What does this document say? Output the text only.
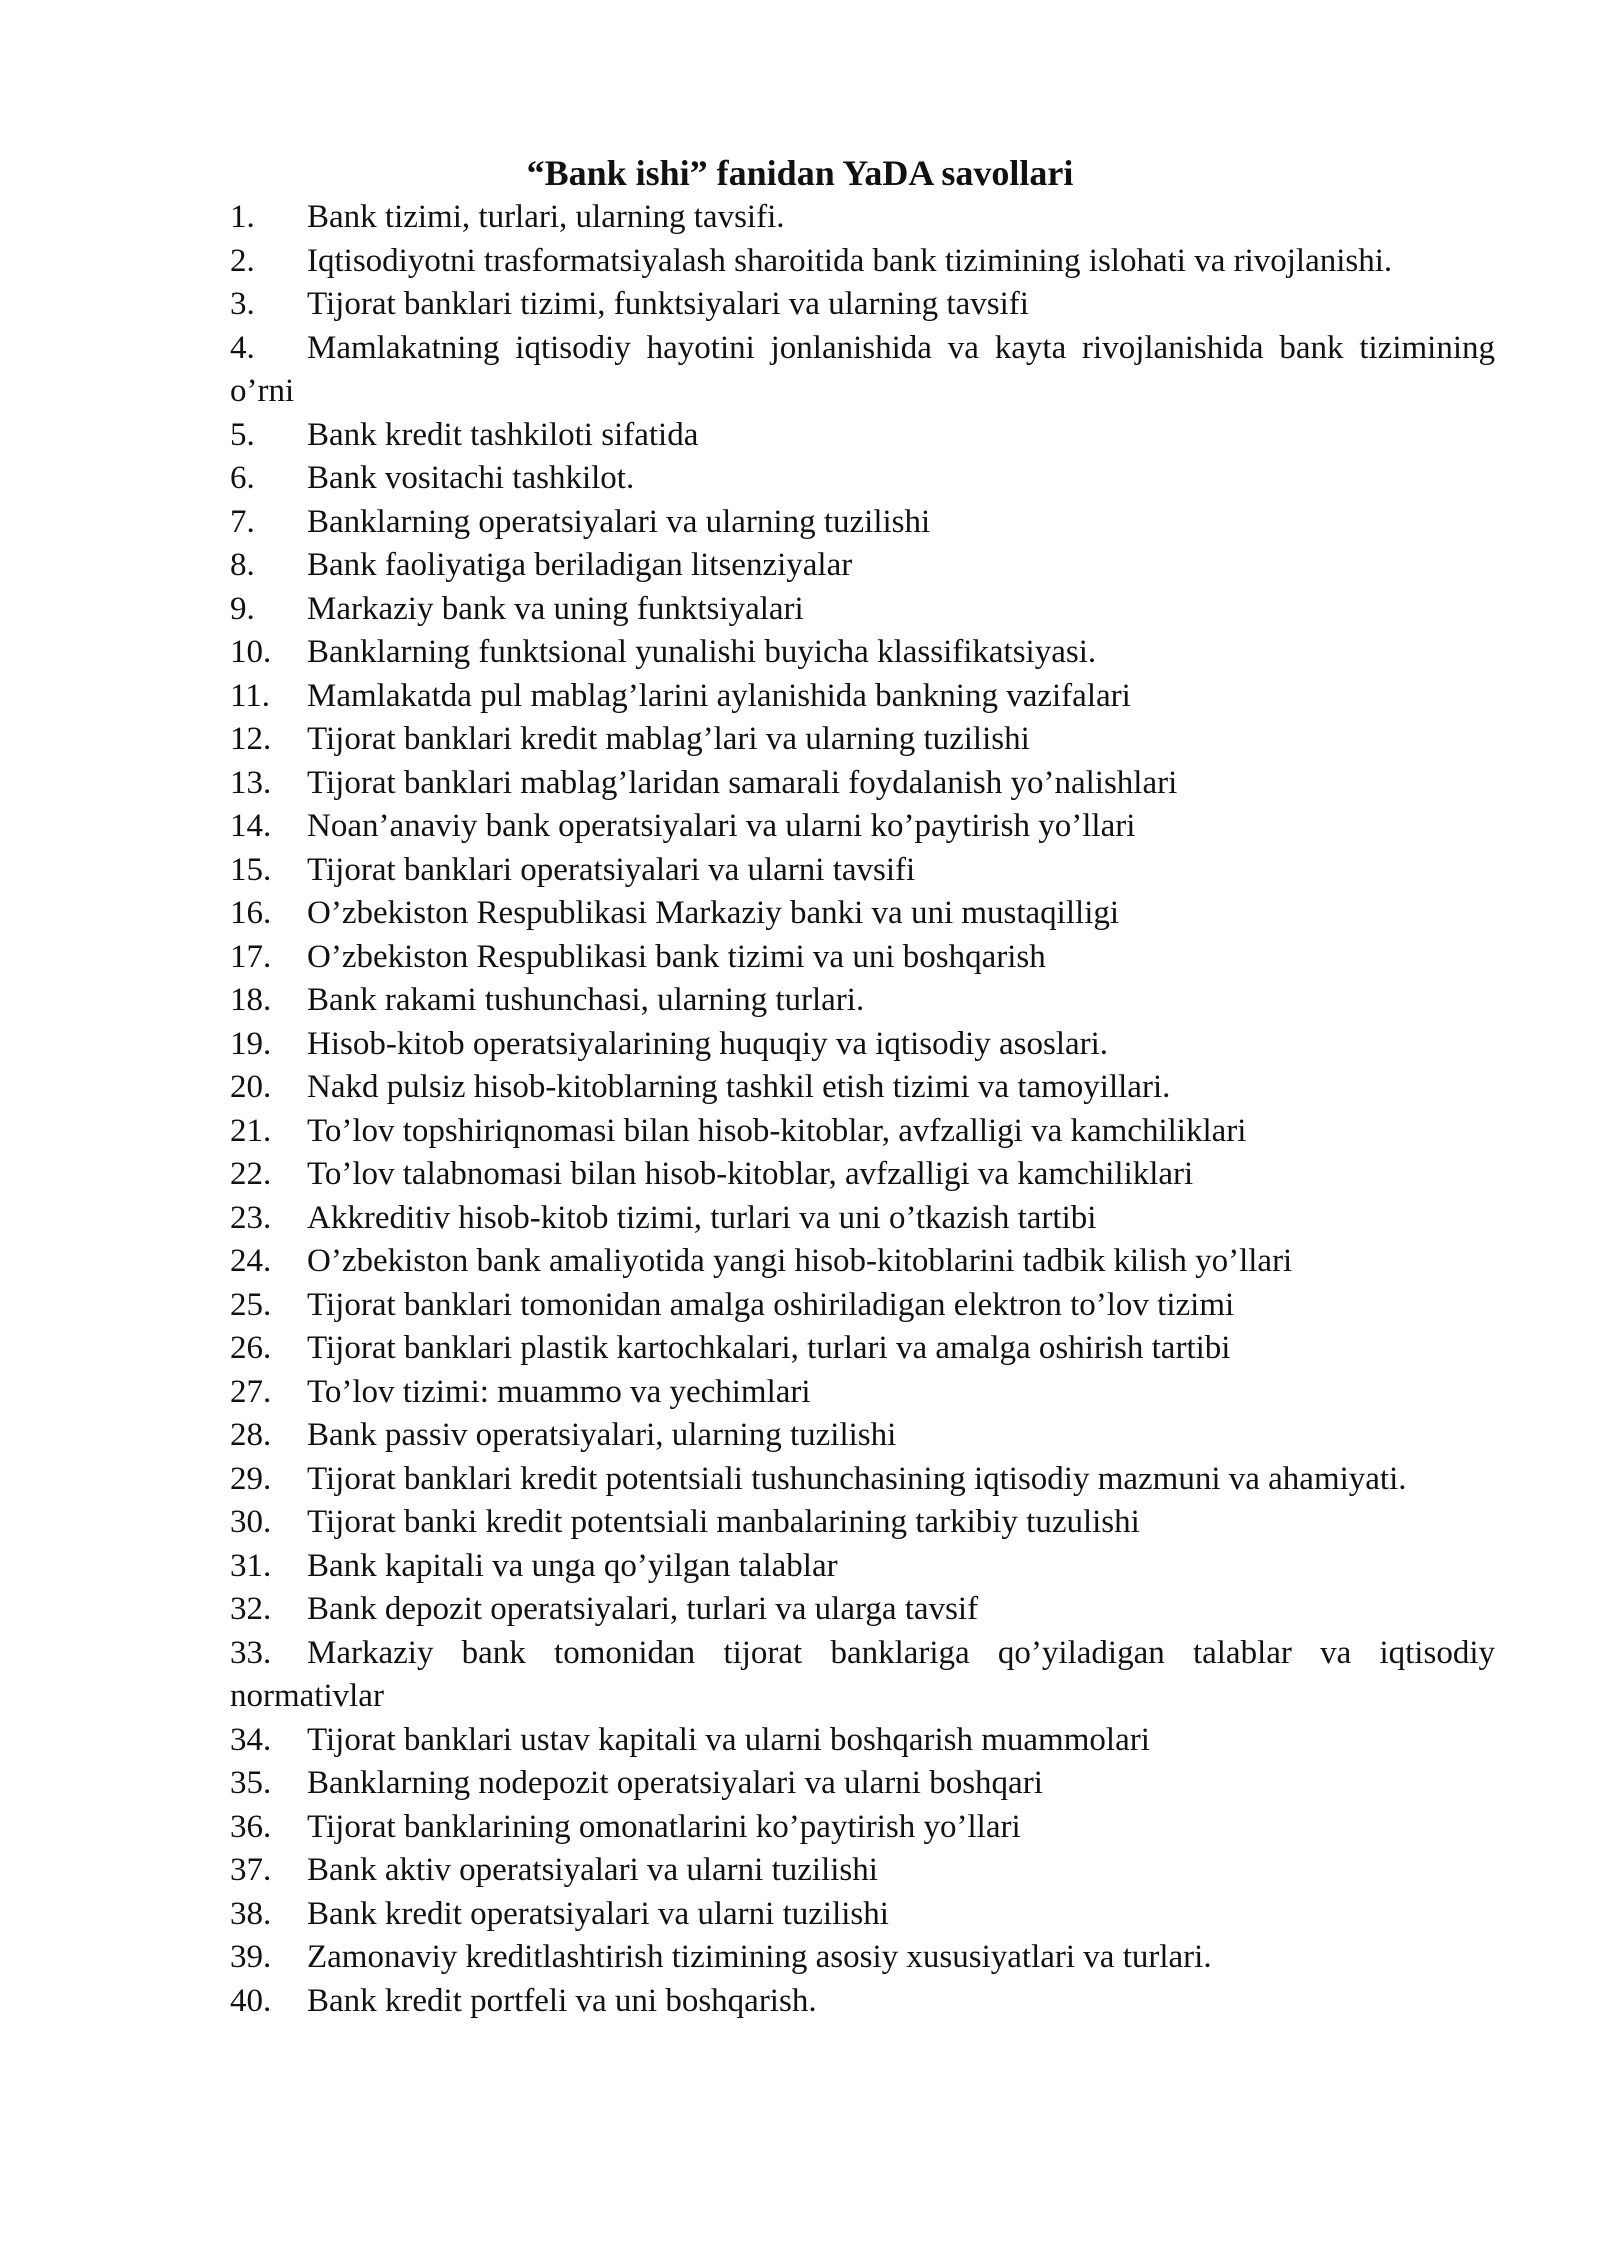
“Bank ishi” fanidan YaDA savollari
1. Bank tizimi, turlari, ularning tavsifi.
2. Iqtisodiyotni trasformatsiyalash sharoitida bank tizimining islohati va rivojlanishi.
3. Tijorat banklari tizimi, funktsiyalari va ularning tavsifi
4. Mamlakatning iqtisodiy hayotini jonlanishida va kayta rivojlanishida bank tizimining o’rni
5. Bank kredit tashkiloti sifatida
6. Bank vositachi tashkilot.
7. Banklarning operatsiyalari va ularning tuzilishi
8. Bank faoliyatiga beriladigan litsenziyalar
9. Markaziy bank va uning funktsiyalari
10. Banklarning funktsional yunalishi buyicha klassifikatsiyasi.
11. Mamlakatda pul mablag’larini aylanishida bankning vazifalari
12. Tijorat banklari kredit mablag’lari va ularning tuzilishi
13. Tijorat banklari mablag’laridan samarali foydalanish yo’nalishlari
14. Noan’anaviy bank operatsiyalari va ularni ko’paytirish yo’llari
15. Tijorat banklari operatsiyalari va ularni tavsifi
16. O’zbekiston Respublikasi Markaziy banki va uni mustaqilligi
17. O’zbekiston Respublikasi bank tizimi va uni boshqarish
18. Bank rakami tushunchasi, ularning turlari.
19. Hisob-kitob operatsiyalarining huquqiy va iqtisodiy asoslari.
20. Nakd pulsiz hisob-kitoblarning tashkil etish tizimi va tamoyillari.
21. To’lov topshiriqnomasi bilan hisob-kitoblar, avfzalligi va kamchiliklari
22. To’lov talabnomasi bilan hisob-kitoblar, avfzalligi va kamchiliklari
23. Akkreditiv hisob-kitob tizimi, turlari va uni o’tkazish tartibi
24. O’zbekiston bank amaliyotida yangi hisob-kitoblarini tadbik kilish yo’llari
25. Tijorat banklari tomonidan amalga oshiriladigan elektron to’lov tizimi
26. Tijorat banklari plastik kartochkalari, turlari va amalga oshirish tartibi
27. To’lov tizimi: muammo va yechimlari
28. Bank passiv operatsiyalari, ularning tuzilishi
29. Tijorat banklari kredit potentsiali tushunchasining iqtisodiy mazmuni va ahamiyati.
30. Tijorat banki kredit potentsiali manbalarining tarkibiy tuzulishi
31. Bank kapitali va unga qo’yilgan talablar
32. Bank depozit operatsiyalari, turlari va ularga tavsif
33. Markaziy bank tomonidan tijorat banklariga qo’yiladigan talablar va iqtisodiy normativlar
34. Tijorat banklari ustav kapitali va ularni boshqarish muammolari
35. Banklarning nodepozit operatsiyalari va ularni boshqari
36. Tijorat banklarining omonatlarini ko’paytirish yo’llari
37. Bank aktiv operatsiyalari va ularni tuzilishi
38. Bank kredit operatsiyalari va ularni tuzilishi
39. Zamonaviy kreditlashtirish tizimining asosiy xususiyatlari va turlari.
40. Bank kredit portfeli va uni boshqarish.
